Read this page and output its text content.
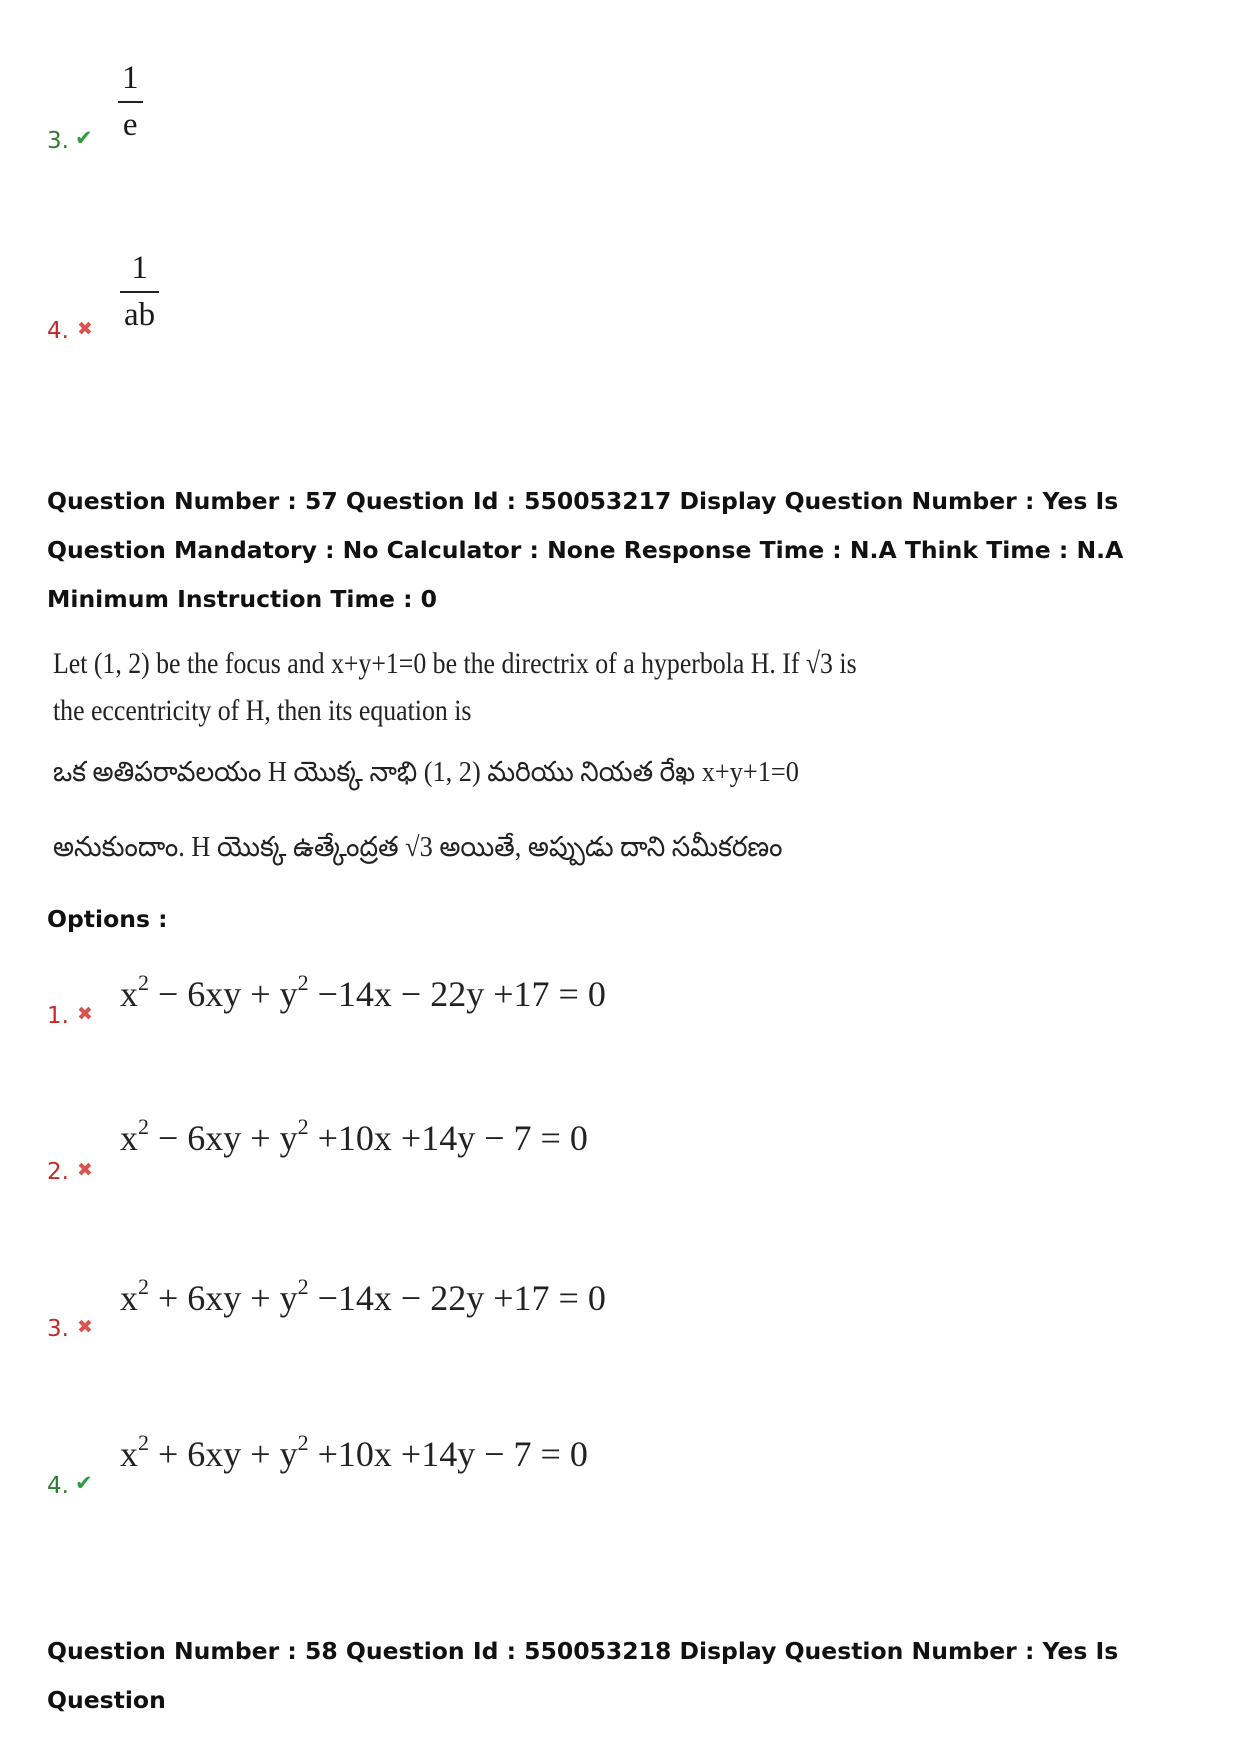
3. ✔ $\frac{1}{e}$
4. ✖ $\frac{1}{ab}$
Question Number : 57 Question Id : 550053217 Display Question Number : Yes Is Question Mandatory : No Calculator : None Response Time : N.A Think Time : N.A Minimum Instruction Time : 0
Let (1, 2) be the focus and x+y+1=0 be the directrix of a hyperbola H. If √3 is
the eccentricity of H, then its equation is
ఒక అతిపరావలయం H యొక్క నాభి (1, 2) మరియు నియత రేఖ x+y+1=0
అనుకుందాం. H యొక్క ఉత్కేంద్రత √3 అయితే, అప్పుడు దాని సమీకరణం
Options :
1. ✖ $x^2 - 6xy + y^2 -14x - 22y +17 = 0$
2. ✖
$x^2 - 6xy + y^2 +10x +14y - 7 = 0$
3. ✖
$x^2 + 6xy + y^2 -14x - 22y +17 = 0$
4. ✔
$x^2 + 6xy + y^2 +10x +14y - 7 = 0$
Question Number : 58 Question Id : 550053218 Display Question Number : Yes Is Question
